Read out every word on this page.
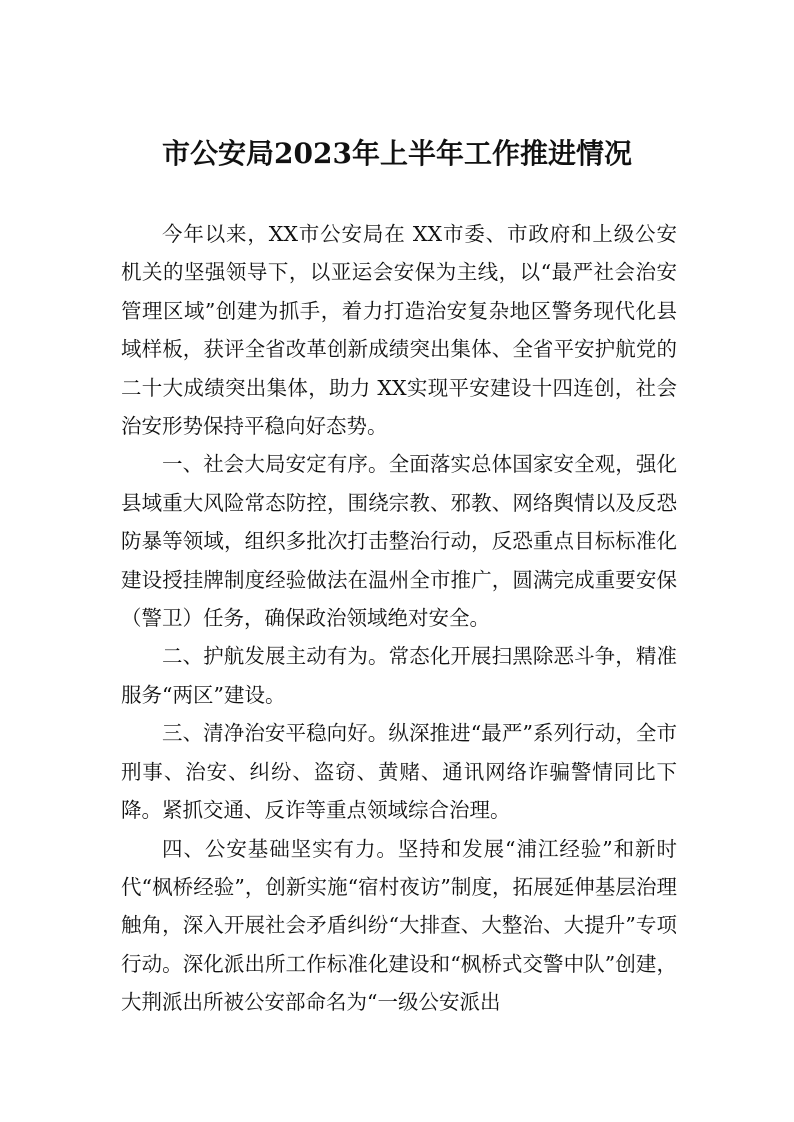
市公安局2023年上半年工作推进情况

今年以来，XX市公安局在 XX市委、市政府和上级公安机关的坚强领导下，以亚运会安保为主线，以“最严社会治安管理区域”创建为抓手，着力打造治安复杂地区警务现代化县域样板，获评全省改革创新成绩突出集体、全省平安护航党的二十大成绩突出集体，助力 XX实现平安建设十四连创，社会治安形势保持平稳向好态势。

一、社会大局安定有序。全面落实总体国家安全观，强化县域重大风险常态防控，围绕宗教、邪教、网络舆情以及反恐防暴等领域，组织多批次打击整治行动，反恐重点目标标准化建设授挂牌制度经验做法在温州全市推广，圆满完成重要安保（警卫）任务，确保政治领域绝对安全。

二、护航发展主动有为。常态化开展扫黑除恶斗争，精准服务“两区”建设。

三、清净治安平稳向好。纵深推进“最严”系列行动，全市刑事、治安、纠纷、盗窃、黄赌、通讯网络诈骗警情同比下降。紧抓交通、反诈等重点领域综合治理。

四、公安基础坚实有力。坚持和发展“浦江经验”和新时代“枫桥经验”，创新实施“宿村夜访”制度，拓展延伸基层治理触角，深入开展社会矛盾纠纷“大排查、大整治、大提升”专项行动。深化派出所工作标准化建设和“枫桥式交警中队”创建，大荆派出所被公安部命名为“一级公安派出
